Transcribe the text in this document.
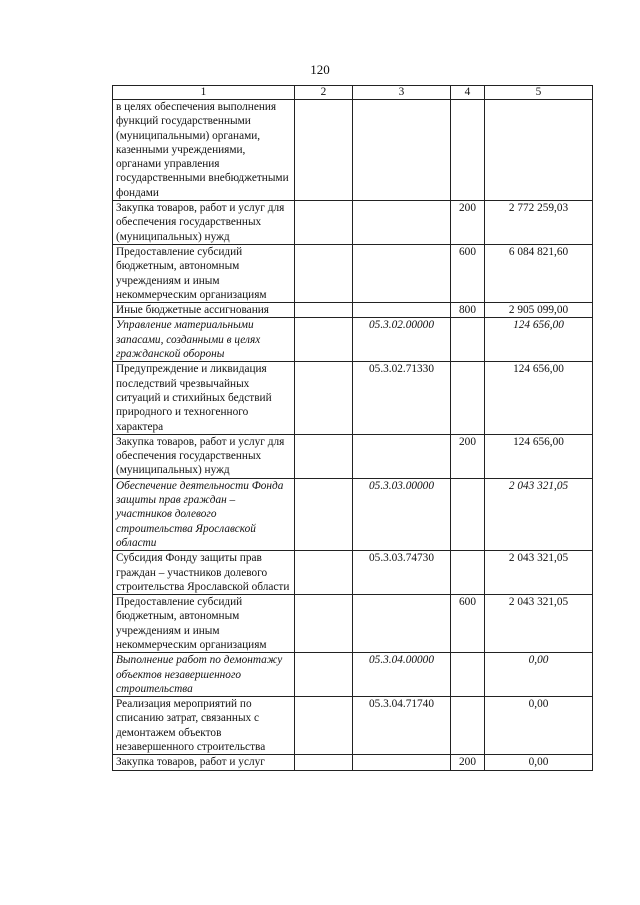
120
1	2	3	4	5
в целях обеспечения выполнения функций государственными (муниципальными) органами, казенными учреждениями, органами управления государственными внебюджетными фондами				
Закупка товаров, работ и услуг для обеспечения государственных (муниципальных) нужд			200	2 772 259,03
Предоставление субсидий бюджетным, автономным учреждениям и иным некоммерческим организациям			600	6 084 821,60
Иные бюджетные ассигнования			800	2 905 099,00
Управление материальными запасами, созданными в целях гражданской обороны		05.3.02.00000		124 656,00
Предупреждение и ликвидация последствий чрезвычайных ситуаций и стихийных бедствий природного и техногенного характера		05.3.02.71330		124 656,00
Закупка товаров, работ и услуг для обеспечения государственных (муниципальных) нужд			200	124 656,00
Обеспечение деятельности Фонда защиты прав граждан – участников долевого строительства Ярославской области		05.3.03.00000		2 043 321,05
Субсидия Фонду защиты прав граждан – участников долевого строительства Ярославской области		05.3.03.74730		2 043 321,05
Предоставление субсидий бюджетным, автономным учреждениям и иным некоммерческим организациям			600	2 043 321,05
Выполнение работ по демонтажу объектов незавершенного строительства		05.3.04.00000		0,00
Реализация мероприятий по списанию затрат, связанных с демонтажем объектов незавершенного строительства		05.3.04.71740		0,00
Закупка товаров, работ и услуг			200	0,00
